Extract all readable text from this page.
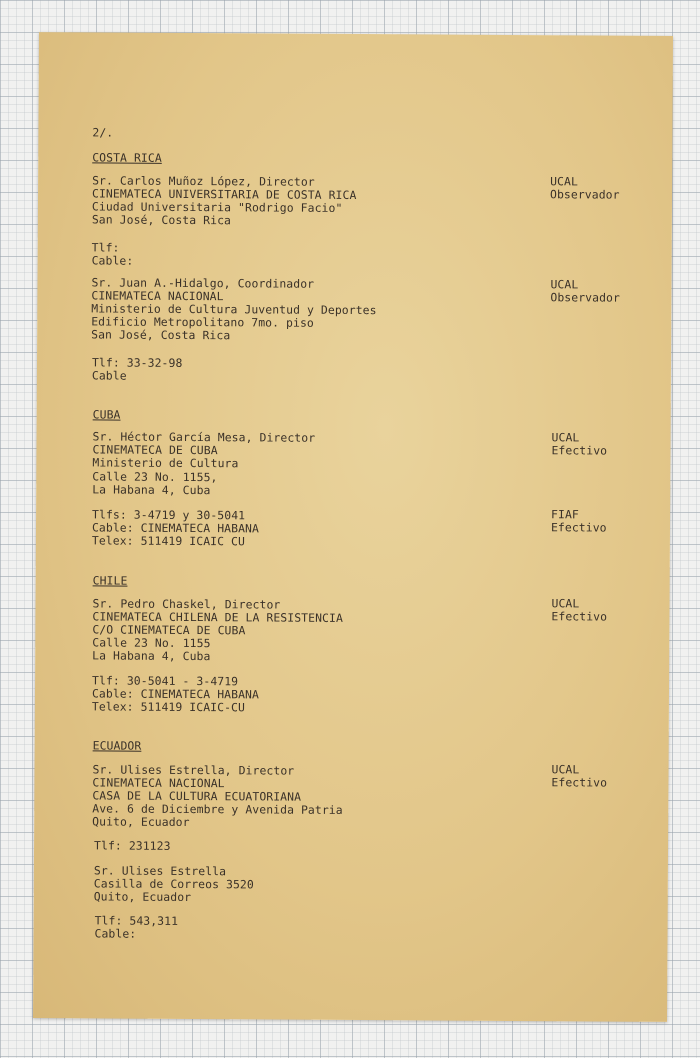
2/.

COSTA RICA

Sr. Carlos Muñoz López, Director

CINEMATECA UNIVERSITARIA DE COSTA RICA

Ciudad Universitaria "Rodrigo Facio"

San José, Costa Rica

Tlf:

Cable:

UCAL

Observador

Sr. Juan A.-Hidalgo, Coordinador

CINEMATECA NACIONAL

Ministerio de Cultura Juventud y Deportes

Edificio Metropolitano 7mo. piso

San José, Costa Rica

Tlf: 33-32-98

Cable

UCAL

Observador

CUBA

Sr. Héctor García Mesa, Director

CINEMATECA DE CUBA

Ministerio de Cultura

Calle 23 No. 1155,

La Habana 4, Cuba

Tlfs: 3-4719 y 30-5041

Cable: CINEMATECA HABANA

Telex: 511419 ICAIC CU

UCAL

Efectivo

FIAF

Efectivo

CHILE

Sr. Pedro Chaskel, Director

CINEMATECA CHILENA DE LA RESISTENCIA

C/O CINEMATECA DE CUBA

Calle 23 No. 1155

La Habana 4, Cuba

Tlf: 30-5041 - 3-4719

Cable: CINEMATECA HABANA

Telex: 511419 ICAIC-CU

UCAL

Efectivo

ECUADOR

Sr. Ulises Estrella, Director

CINEMATECA NACIONAL

CASA DE LA CULTURA ECUATORIANA

Ave. 6 de Diciembre y Avenida Patria

Quito, Ecuador

Tlf: 231123

UCAL

Efectivo

Sr. Ulises Estrella

Casilla de Correos 3520

Quito, Ecuador

Tlf: 543,311

Cable:
